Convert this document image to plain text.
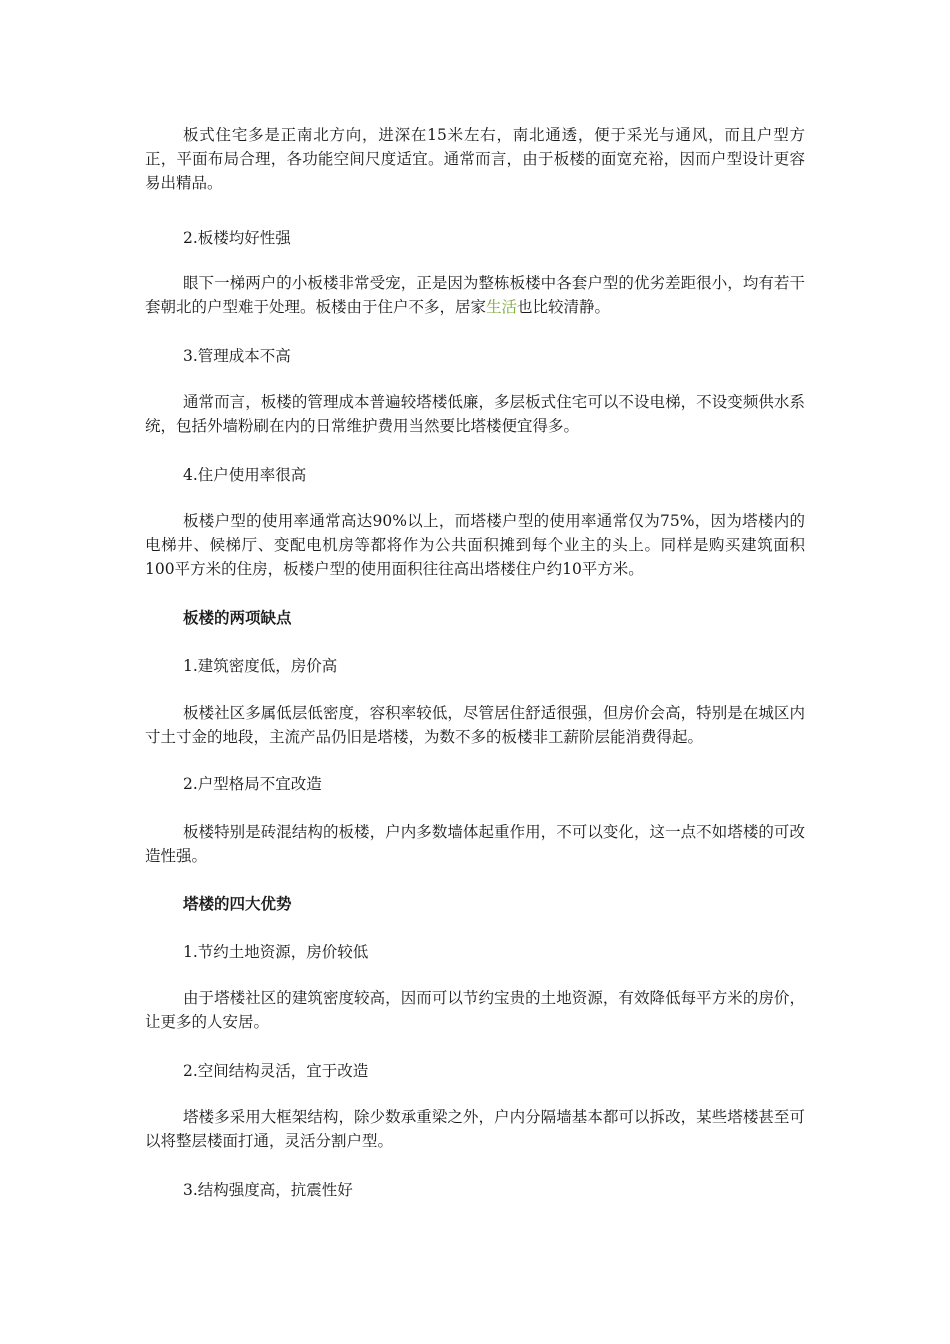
板式住宅多是正南北方向，进深在15米左右，南北通透，便于采光与通风，而且户型方正，平面布局合理，各功能空间尺度适宜。通常而言，由于板楼的面宽充裕，因而户型设计更容易出精品。

2.板楼均好性强

眼下一梯两户的小板楼非常受宠，正是因为整栋板楼中各套户型的优劣差距很小，均有若干套朝北的户型难于处理。板楼由于住户不多，居家生活也比较清静。

3.管理成本不高

通常而言，板楼的管理成本普遍较塔楼低廉，多层板式住宅可以不设电梯，不设变频供水系统，包括外墙粉刷在内的日常维护费用当然要比塔楼便宜得多。

4.住户使用率很高

板楼户型的使用率通常高达90%以上，而塔楼户型的使用率通常仅为75%，因为塔楼内的电梯井、候梯厅、变配电机房等都将作为公共面积摊到每个业主的头上。同样是购买建筑面积100平方米的住房，板楼户型的使用面积往往高出塔楼住户约10平方米。

板楼的两项缺点

1.建筑密度低，房价高

板楼社区多属低层低密度，容积率较低，尽管居住舒适很强，但房价会高，特别是在城区内寸土寸金的地段，主流产品仍旧是塔楼，为数不多的板楼非工薪阶层能消费得起。

2.户型格局不宜改造

板楼特别是砖混结构的板楼，户内多数墙体起重作用，不可以变化，这一点不如塔楼的可改造性强。

塔楼的四大优势

1.节约土地资源，房价较低

由于塔楼社区的建筑密度较高，因而可以节约宝贵的土地资源，有效降低每平方米的房价，让更多的人安居。

2.空间结构灵活，宜于改造

塔楼多采用大框架结构，除少数承重梁之外，户内分隔墙基本都可以拆改，某些塔楼甚至可以将整层楼面打通，灵活分割户型。

3.结构强度高，抗震性好
